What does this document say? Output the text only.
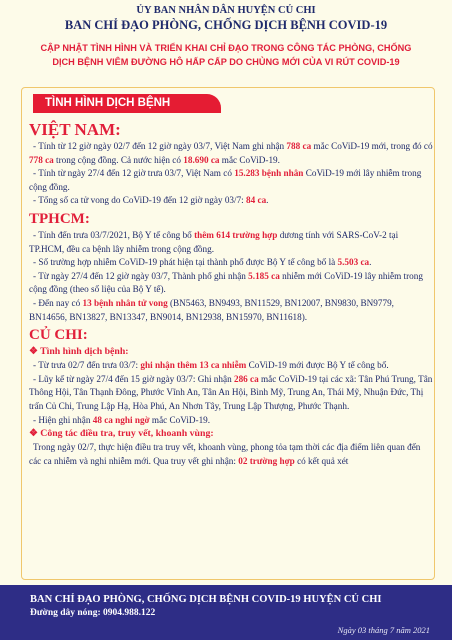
ỦY BAN NHÂN DÂN HUYỆN CỦ CHI
BAN CHỈ ĐẠO PHÒNG, CHỐNG DỊCH BỆNH COVID-19
CẬP NHẬT TÌNH HÌNH VÀ TRIỂN KHAI CHỈ ĐẠO TRONG CÔNG TÁC PHÒNG, CHỐNG
DỊCH BỆNH VIÊM ĐƯỜNG HÔ HẤP CẤP DO CHỦNG MỚI CỦA VI RÚT COVID-19
TÌNH HÌNH DỊCH BỆNH
VIỆT NAM:

- Tính từ 12 giờ ngày 02/7 đến 12 giờ ngày 03/7, Việt Nam ghi nhận 788 ca mắc CoViD-19 mới, trong đó có 778 ca trong cộng đồng. Cả nước hiện có 18.690 ca mắc CoViD-19.

- Tính từ ngày 27/4 đến 12 giờ trưa 03/7, Việt Nam có 15.283 bệnh nhân CoViD-19 mới lây nhiễm trong cộng đồng.

- Tổng số ca tử vong do CoViD-19 đến 12 giờ ngày 03/7: 84 ca.

TPHCM:

- Tính đến trưa 03/7/2021, Bộ Y tế công bố thêm 614 trường hợp dương tính với SARS-CoV-2 tại TP.HCM, đều ca bệnh lây nhiễm trong cộng đồng.

- Số trường hợp nhiễm CoViD-19 phát hiện tại thành phố được Bộ Y tế công bố là 5.503 ca.

- Từ ngày 27/4 đến 12 giờ ngày 03/7, Thành phố ghi nhận 5.185 ca nhiễm mới CoViD-19 lây nhiễm trong cộng đồng (theo số liệu của Bộ Y tế).

- Đến nay có 13 bệnh nhân tử vong (BN5463, BN9493, BN11529, BN12007, BN9830, BN9779, BN14656, BN13827, BN13347, BN9014, BN12938, BN15970, BN11618).

CỦ CHI:
❖ Tình hình dịch bệnh:

- Từ trưa 02/7 đến trưa 03/7: ghi nhận thêm 13 ca nhiễm CoViD-19 mới được Bộ Y tế công bố.

- Lũy kế từ ngày 27/4 đến 15 giờ ngày 03/7: Ghi nhận 286 ca mắc CoViD-19 tại các xã: Tân Phú Trung, Tân Thông Hội, Tân Thạnh Đông, Phước Vĩnh An, Tân An Hội, Bình Mỹ, Trung An, Thái Mỹ, Nhuận Đức, Thị trấn Củ Chi, Trung Lập Hạ, Hòa Phú, An Nhơn Tây, Trung Lập Thượng, Phước Thạnh.

- Hiện ghi nhận 48 ca nghi ngờ mắc CoViD-19.

❖ Công tác điều tra, truy vết, khoanh vùng:

Trong ngày 02/7, thực hiện điều tra truy vết, khoanh vùng, phong tỏa tạm thời các địa điểm liên quan đến các ca nhiễm và nghi nhiễm mới. Qua truy vết ghi nhận: 02 trường hợp có kết quả xét

BAN CHỈ ĐẠO PHÒNG, CHỐNG DỊCH BỆNH COVID-19 HUYỆN CỦ CHI
Đường dây nóng: 0904.988.122
Ngày 03 tháng 7 năm 2021
